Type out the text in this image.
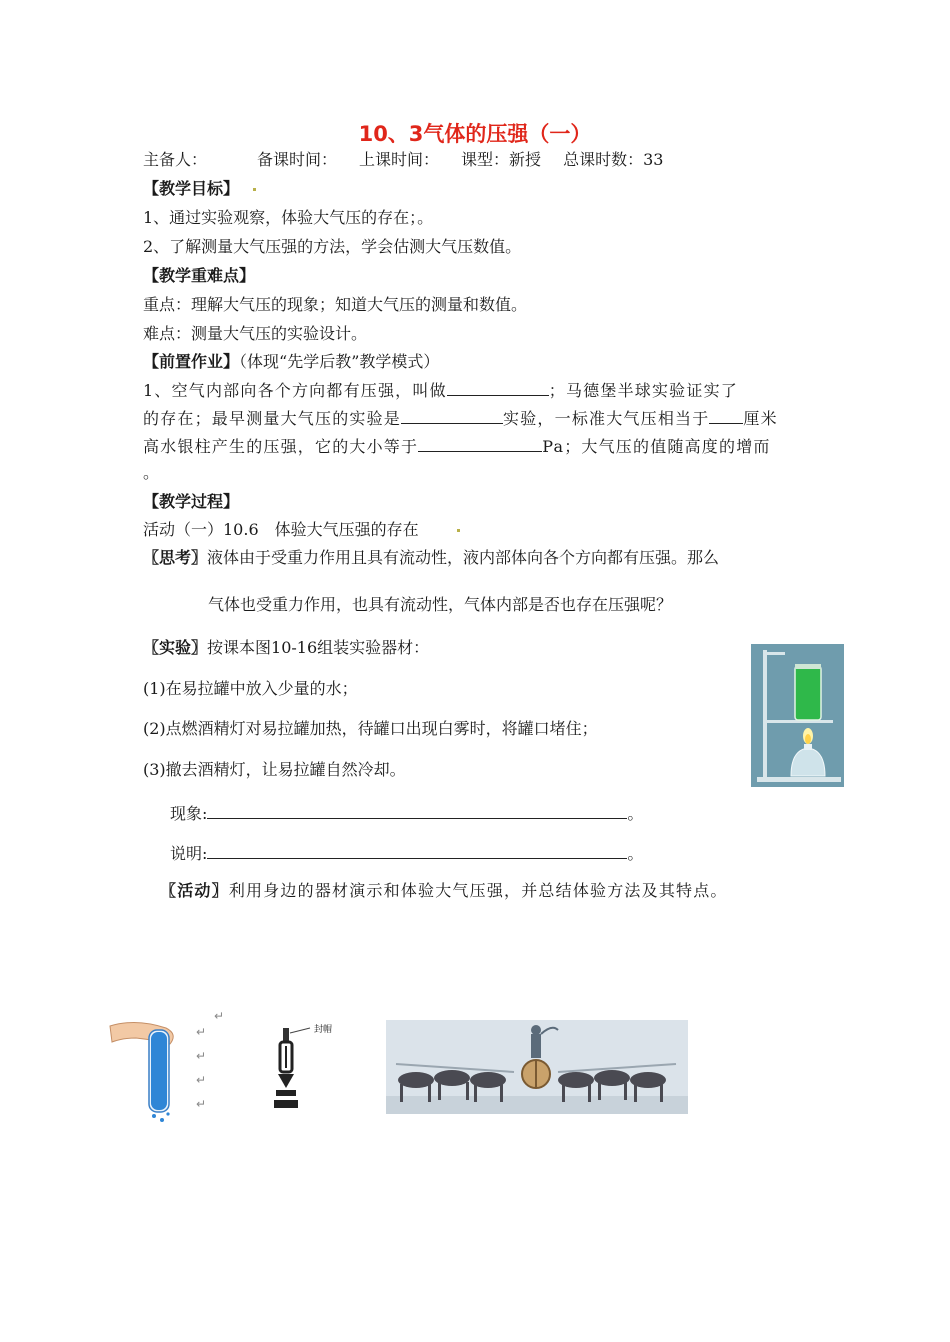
10、3气体的压强（一）
主备人：	备课时间： 上课时间： 课型：新授 总课时数：33
【教学目标】
1、通过实验观察，体验大气压的存在；。
2、了解测量大气压强的方法，学会估测大气压数值。
【教学重难点】
重点：理解大气压的现象；知道大气压的测量和数值。
难点：测量大气压的实验设计。
【前置作业】（体现“先学后教”教学模式）
1、空气内部向各个方向都有压强，叫做	；马德堡半球实验证实了
的存在；最早测量大气压的实验是	实验，一标准大气压相当于 厘米
高水银柱产生的压强，它的大小等于	Pa；大气压的值随高度的增而
。
【教学过程】
活动（一）10.6　体验大气压强的存在
〖思考〗液体由于受重力作用且具有流动性，液内部体向各个方向都有压强。那么
气体也受重力作用，也具有流动性，气体内部是否也存在压强呢？
〖实验〗按课本图10-16组装实验器材：
(1)在易拉罐中放入少量的水；
(2)点燃酒精灯对易拉罐加热，待罐口出现白雾时，将罐口堵住；
(3)撤去酒精灯，让易拉罐自然冷却。
现象:	。
说明:	。
〖活动〗利用身边的器材演示和体验大气压强，并总结体验方法及其特点。
↵
↵
↵
↵
↵
封帽
